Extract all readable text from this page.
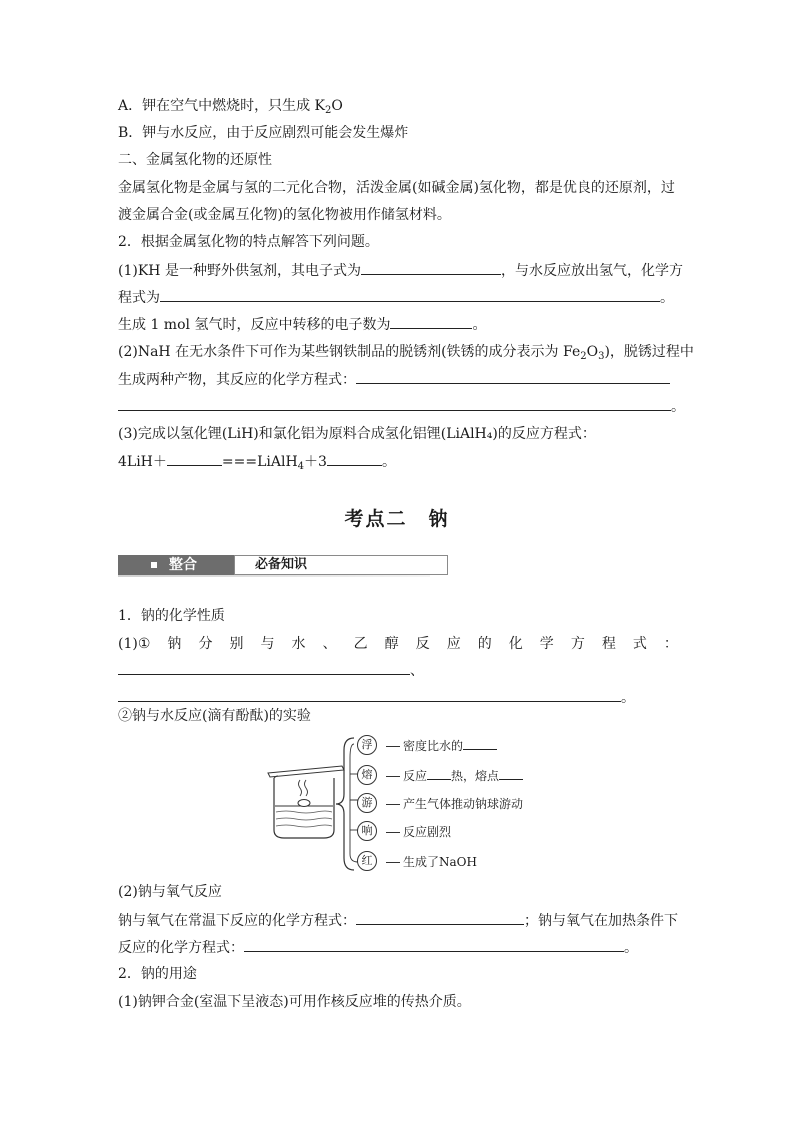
A．钾在空气中燃烧时，只生成 $K_2O$
B．钾与水反应，由于反应剧烈可能会发生爆炸
二、金属氢化物的还原性
金属氢化物是金属与氢的二元化合物，活泼金属(如碱金属)氢化物，都是优良的还原剂，过
渡金属合金(或金属互化物)的氢化物被用作储氢材料。
2．根据金属氢化物的特点解答下列问题。
(1)KH 是一种野外供氢剂，其电子式为	，与水反应放出氢气，化学方
程式为	。
生成 1 mol 氢气时，反应中转移的电子数为	。
(2)NaH 在无水条件下可作为某些钢铁制品的脱锈剂(铁锈的成分表示为 $Fe_2O_3$)，脱锈过程中
生成两种产物，其反应的化学方程式：
。
(3)完成以氢化锂(LiH)和氯化铝为原料合成氢化铝锂(LiAlH₄)的反应方程式：
4LiH＋	===LiAlH$_4$＋3	。
考点二　钠
整合	必备知识
1．钠的化学性质
(1)① 钠 分 别 与 水 、 乙 醇 反 应 的 化 学 方 程 式 ：
、
。
②钠与水反应(滴有酚酞)的实验
浮	密度比水的
熔	反应 热，熔点
游	产生气体推动钠球游动
响	反应剧烈
红	生成了NaOH
(2)钠与氧气反应
钠与氧气在常温下反应的化学方程式：	；钠与氧气在加热条件下
反应的化学方程式：	。
2．钠的用途
(1)钠钾合金(室温下呈液态)可用作核反应堆的传热介质。
